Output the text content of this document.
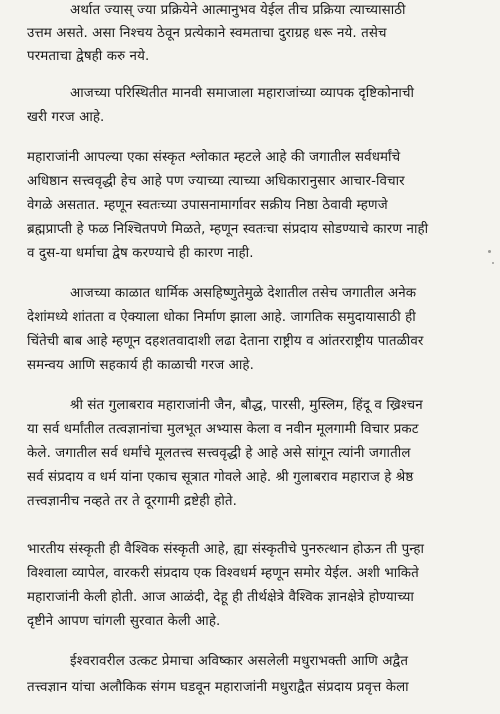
अर्थात ज्यास् ज्या प्रक्रियेने आत्मानुभव येईल तीच प्रक्रिया त्याच्यासाठी
उत्तम असते. असा निश्चय ठेवून प्रत्येकाने स्वमताचा दुराग्रह धरू नये. तसेच
परमताचा द्वेषही करु नये.
आजच्या परिस्थितीत मानवी समाजाला महाराजांच्या व्यापक दृष्टिकोनाची
खरी गरज आहे.
महाराजांनी आपल्या एका संस्कृत श्लोकात म्हटले आहे की जगातील सर्वधर्मांचे
अधिष्ठान सत्त्ववृद्धी हेच आहे पण ज्याच्या त्याच्या अधिकारानुसार आचार-विचार
वेगळे असतात. म्हणून स्वतःच्या उपासनामार्गावर सक्रीय निष्ठा ठेवावी म्हणजे
ब्रह्मप्राप्ती हे फळ निश्चितपणे मिळते, म्हणून स्वतःचा संप्रदाय सोडण्याचे कारण नाही
व दुस-या धर्माचा द्वेष करण्याचे ही कारण नाही.
आजच्या काळात धार्मिक असहिष्णुतेमुळे देशातील तसेच जगातील अनेक
देशांमध्ये शांतता व ऐक्याला धोका निर्माण झाला आहे. जागतिक समुदायासाठी ही
चिंतेची बाब आहे म्हणून दहशतवादाशी लढा देताना राष्ट्रीय व आंतरराष्ट्रीय पातळीवर
समन्वय आणि सहकार्य ही काळाची गरज आहे.
श्री संत गुलाबराव महाराजांनी जैन, बौद्ध, पारसी, मुस्लिम, हिंदू व ख्रिश्चन
या सर्व धर्मांतील तत्वज्ञानांचा मुलभूत अभ्यास केला व नवीन मूलगामी विचार प्रकट
केले. जगातील सर्व धर्मांचे मूलतत्त्व सत्त्ववृद्धी हे आहे असे सांगून त्यांनी जगातील
सर्व संप्रदाय व धर्म यांना एकाच सूत्रात गोवले आहे. श्री गुलाबराव महाराज हे श्रेष्ठ
तत्त्वज्ञानीच नव्हते तर ते दूरगामी द्रष्टेही होते.
भारतीय संस्कृती ही वैश्विक संस्कृती आहे, ह्या संस्कृतीचे पुनरुत्थान होऊन ती पुन्हा
विश्वाला व्यापेल, वारकरी संप्रदाय एक विश्वधर्म म्हणून समोर येईल. अशी भाकिते
महाराजांनी केली होती. आज आळंदी, देहू ही तीर्थक्षेत्रे वैश्विक ज्ञानक्षेत्रे होण्याच्या
दृष्टीने आपण चांगली सुरवात केली आहे.
ईश्वरावरील उत्कट प्रेमाचा अविष्कार असलेली मधुराभक्ती आणि अद्वैत
तत्त्वज्ञान यांचा अलौकिक संगम घडवून महाराजांनी मधुराद्वैत संप्रदाय प्रवृत्त केला
